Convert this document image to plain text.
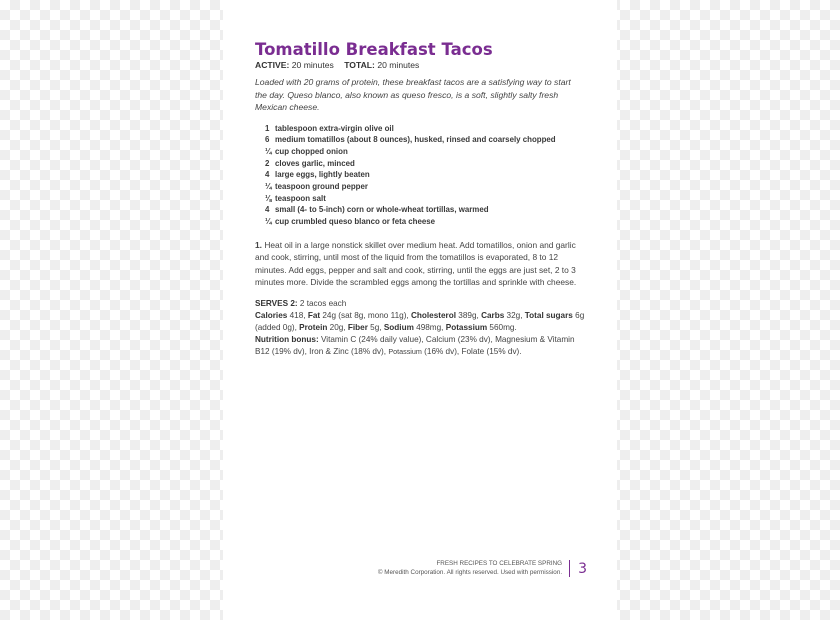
Tomatillo Breakfast Tacos
ACTIVE: 20 minutes TOTAL: 20 minutes
Loaded with 20 grams of protein, these breakfast tacos are a satisfying way to start the day. Queso blanco, also known as queso fresco, is a soft, slightly salty fresh Mexican cheese.
1 tablespoon extra-virgin olive oil
6 medium tomatillos (about 8 ounces), husked, rinsed and coarsely chopped
¼ cup chopped onion
2 cloves garlic, minced
4 large eggs, lightly beaten
¼ teaspoon ground pepper
⅛ teaspoon salt
4 small (4- to 5-inch) corn or whole-wheat tortillas, warmed
¼ cup crumbled queso blanco or feta cheese
1. Heat oil in a large nonstick skillet over medium heat. Add tomatillos, onion and garlic and cook, stirring, until most of the liquid from the tomatillos is evaporated, 8 to 12 minutes. Add eggs, pepper and salt and cook, stirring, until the eggs are just set, 2 to 3 minutes more. Divide the scrambled eggs among the tortillas and sprinkle with cheese.
SERVES 2: 2 tacos each
Calories 418, Fat 24g (sat 8g, mono 11g), Cholesterol 389g, Carbs 32g, Total sugars 6g (added 0g), Protein 20g, Fiber 5g, Sodium 498mg, Potassium 560mg.
Nutrition bonus: Vitamin C (24% daily value), Calcium (23% dv), Magnesium & Vitamin B12 (19% dv), Iron & Zinc (18% dv), Potassium (16% dv), Folate (15% dv).
FRESH RECIPES TO CELEBRATE SPRING
© Meredith Corporation. All rights reserved. Used with permission. 3
